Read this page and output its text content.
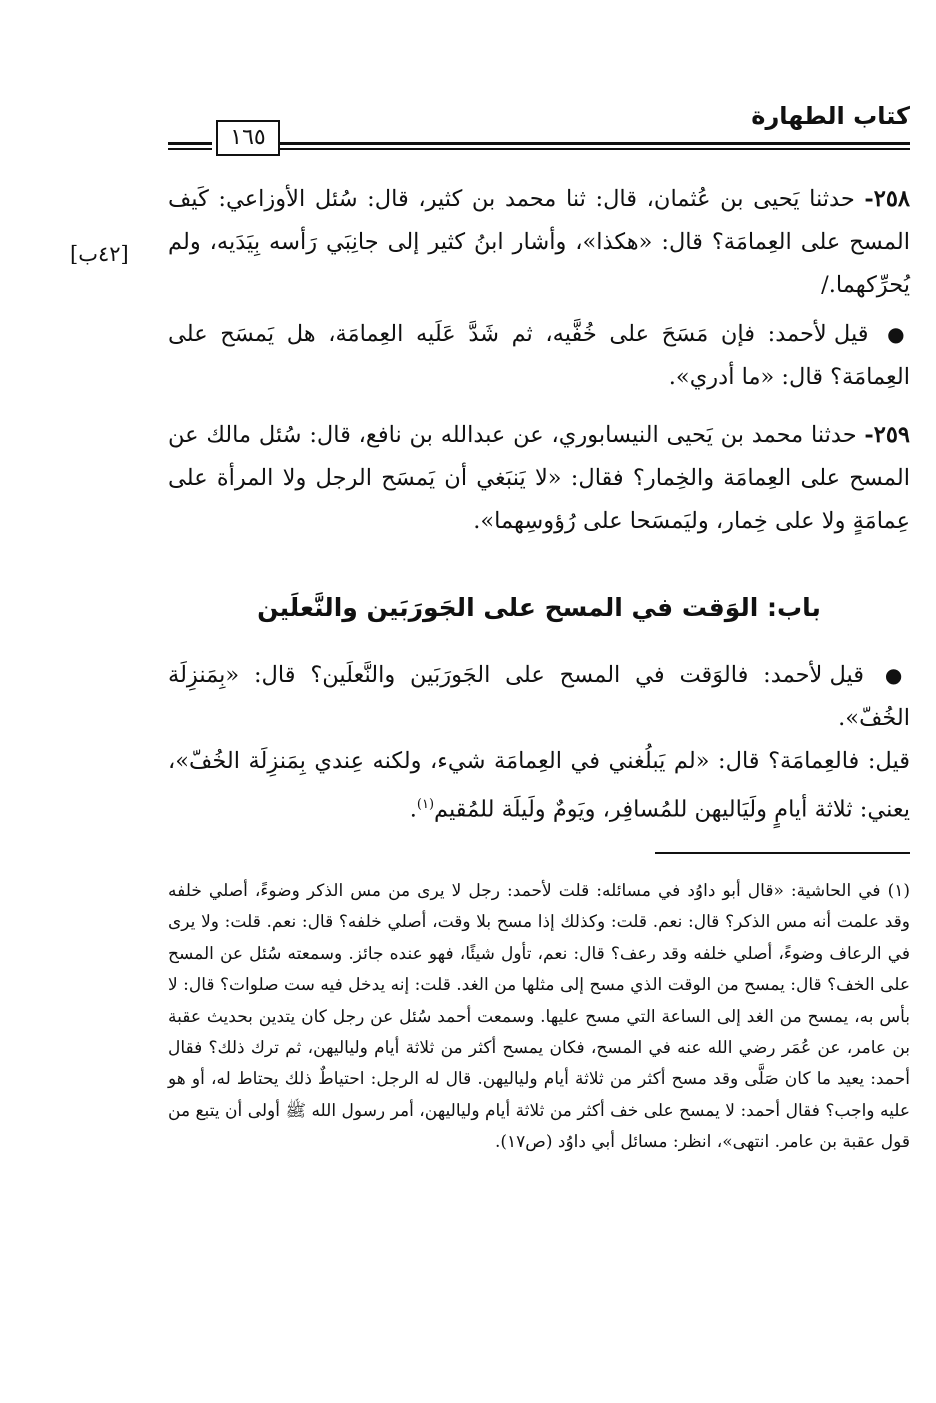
كتاب الطهارة
١٦٥
[٤٢ب]

٢٥٨- حدثنا يَحيى بن عُثمان، قال: ثنا محمد بن كثير، قال: سُئل الأوزاعي: كَيف المسح على العِمامَة؟ قال: «هكذا»، وأشار ابنُ كثير إلى جانِبَي رَأسه بِيَدَيه، ولم يُحرِّكهما./

● قيل لأحمد: فإن مَسَحَ على خُفَّيه، ثم شَدَّ عَلَيه العِمامَة، هل يَمسَح على العِمامَة؟ قال: «ما أدري».

٢٥٩- حدثنا محمد بن يَحيى النيسابوري، عن عبدالله بن نافع، قال: سُئل مالك عن المسح على العِمامَة والخِمار؟ فقال: «لا يَنبَغي أن يَمسَح الرجل ولا المرأة على عِمامَةٍ ولا على خِمار، وليَمسَحا على رُؤوسِهما».

باب: الوَقت في المسح على الجَورَبَين والنَّعلَين

● قيل لأحمد: فالوَقت في المسح على الجَورَبَين والنَّعلَين؟ قال: «بِمَنزِلَة الخُفّ».

قيل: فالعِمامَة؟ قال: «لم يَبلُغني في العِمامَة شيء، ولكنه عِندي بِمَنزِلَة الخُفّ»، يعني: ثلاثة أيامٍ ولَيَاليهن للمُسافِر، ويَومٌ ولَيلَة للمُقيم$^{(١)}$.

(١) في الحاشية: «قال أبو داوُد في مسائله: قلت لأحمد: رجل لا يرى من مس الذكر وضوءً، أصلي خلفه وقد علمت أنه مس الذكر؟ قال: نعم. قلت: وكذلك إذا مسح بلا وقت، أصلي خلفه؟ قال: نعم. قلت: ولا يرى في الرعاف وضوءً، أصلي خلفه وقد رعف؟ قال: نعم، تأول شيئًا، فهو عنده جائز. وسمعته سُئل عن المسح على الخف؟ قال: يمسح من الوقت الذي مسح إلى مثلها من الغد. قلت: إنه يدخل فيه ست صلوات؟ قال: لا بأس به، يمسح من الغد إلى الساعة التي مسح عليها. وسمعت أحمد سُئل عن رجل كان يتدين بحديث عقبة بن عامر، عن عُمَر رضي الله عنه في المسح، فكان يمسح أكثر من ثلاثة أيام ولياليهن، ثم ترك ذلك؟ فقال أحمد: يعيد ما كان صَلَّى وقد مسح أكثر من ثلاثة أيام ولياليهن. قال له الرجل: احتياطٌ ذلك يحتاط له، أو هو عليه واجب؟ فقال أحمد: لا يمسح على خف أكثر من ثلاثة أيام ولياليهن، أمر رسول الله ﷺ أولى أن يتبع من قول عقبة بن عامر. انتهى»، انظر: مسائل أبي داوُد (ص١٧).
